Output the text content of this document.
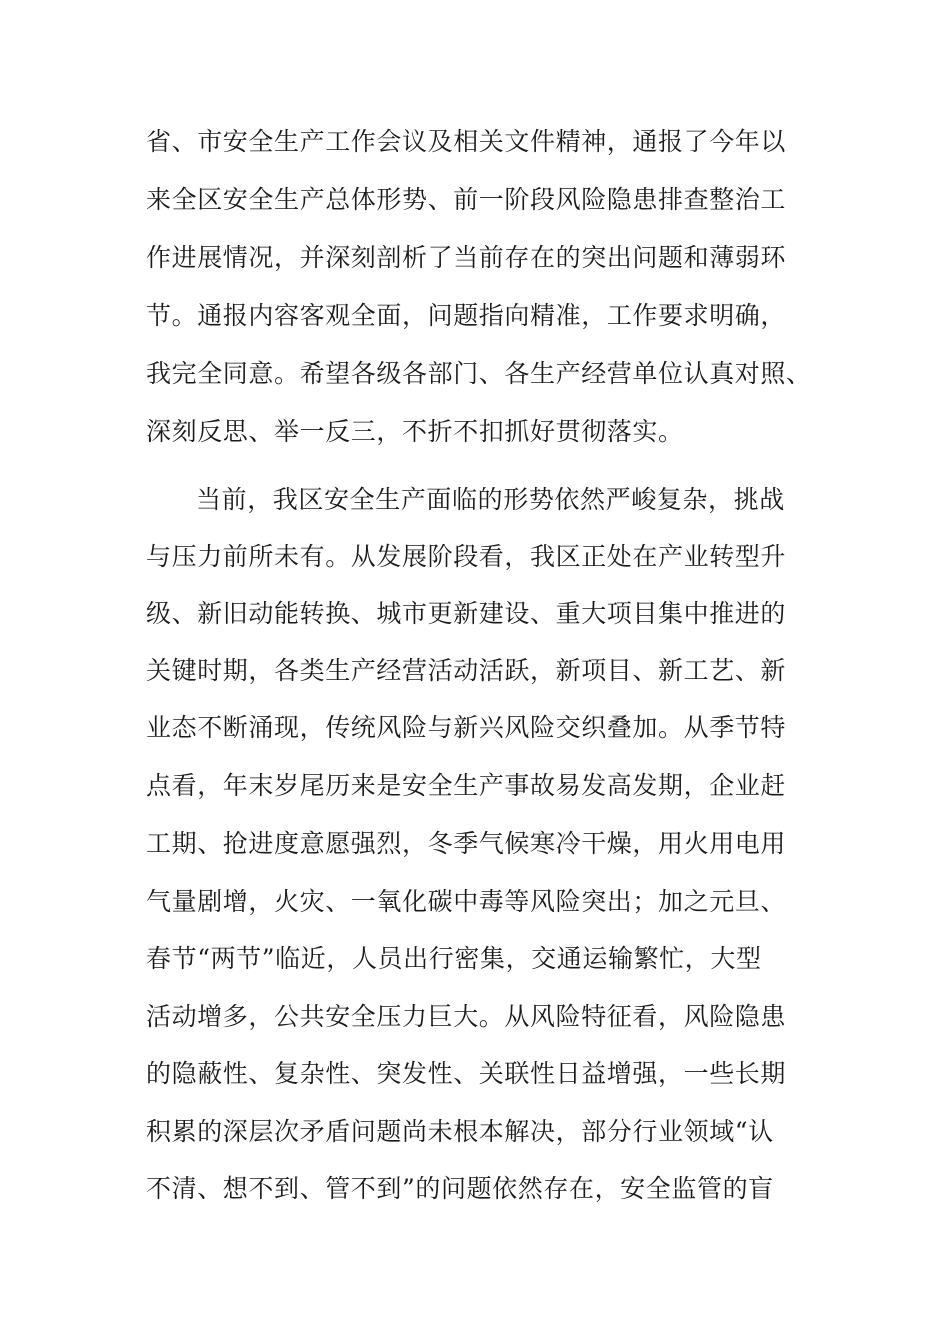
省、市安全生产工作会议及相关文件精神，通报了今年以
来全区安全生产总体形势、前一阶段风险隐患排查整治工
作进展情况，并深刻剖析了当前存在的突出问题和薄弱环
节。通报内容客观全面，问题指向精准，工作要求明确，
我完全同意。希望各级各部门、各生产经营单位认真对照、
深刻反思、举一反三，不折不扣抓好贯彻落实。
当前，我区安全生产面临的形势依然严峻复杂，挑战
与压力前所未有。从发展阶段看，我区正处在产业转型升
级、新旧动能转换、城市更新建设、重大项目集中推进的
关键时期，各类生产经营活动活跃，新项目、新工艺、新
业态不断涌现，传统风险与新兴风险交织叠加。从季节特
点看，年末岁尾历来是安全生产事故易发高发期，企业赶
工期、抢进度意愿强烈，冬季气候寒冷干燥，用火用电用
气量剧增，火灾、一氧化碳中毒等风险突出；加之元旦、
春节“两节”临近，人员出行密集，交通运输繁忙，大型
活动增多，公共安全压力巨大。从风险特征看，风险隐患
的隐蔽性、复杂性、突发性、关联性日益增强，一些长期
积累的深层次矛盾问题尚未根本解决，部分行业领域“认
不清、想不到、管不到”的问题依然存在，安全监管的盲
